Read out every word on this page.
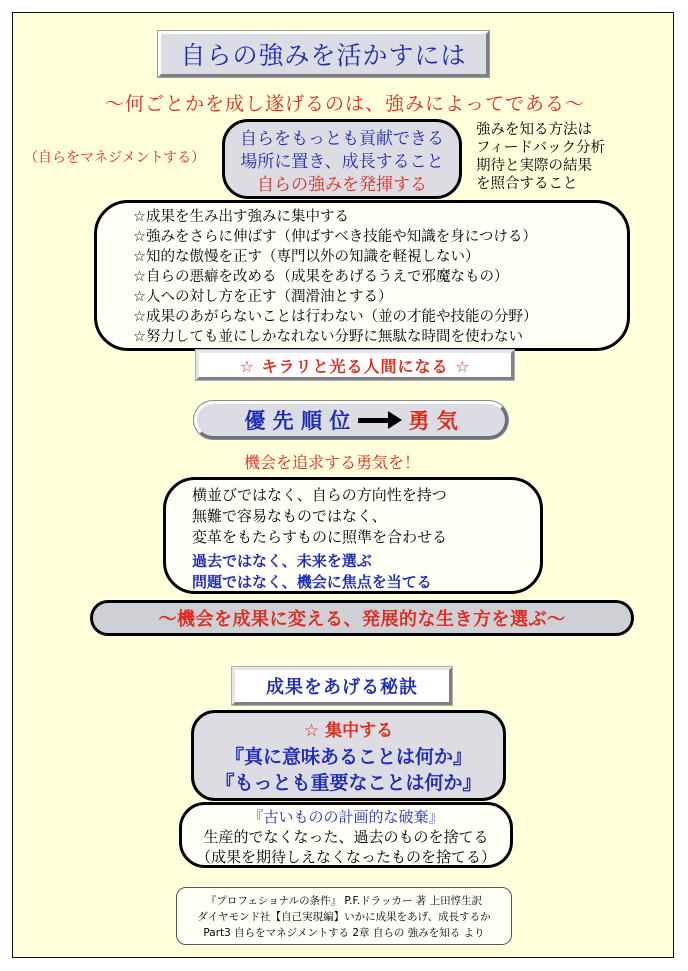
自らの強みを活かすには
～何ごとかを成し遂げるのは、強みによってである～
（自らをマネジメントする）
自らをもっとも貢献できる
場所に置き、成長すること
自らの強みを発揮する
強みを知る方法は
フィードバック分析
期待と実際の結果
を照合すること
☆成果を生み出す強みに集中する
☆強みをさらに伸ばす（伸ばすべき技能や知識を身につける）
☆知的な傲慢を正す（専門以外の知識を軽視しない）
☆自らの悪癖を改める（成果をあげるうえで邪魔なもの）
☆人への対し方を正す（潤滑油とする）
☆成果のあがらないことは行わない（並の才能や技能の分野）
☆努力しても並にしかなれない分野に無駄な時間を使わない
☆ キラリと光る人間になる ☆
優 先 順 位	勇 気
機会を追求する勇気を！
横並びではなく、自らの方向性を持つ
無難で容易なものではなく、
変革をもたらすものに照準を合わせる
過去ではなく、未来を選ぶ
問題ではなく、機会に焦点を当てる
～機会を成果に変える、発展的な生き方を選ぶ～
成果をあげる秘訣
☆ 集中する
『真に意味あることは何か』
『もっとも重要なことは何か』
『古いものの計画的な破棄』
生産的でなくなった、過去のものを捨てる
（成果を期待しえなくなったものを捨てる）
『プロフェショナルの条件』 P.F.ドラッカー 著 上田惇生訳
ダイヤモンド社【自己実現編】いかに成果をあげ、成長するか
Part3 自らをマネジメントする 2章 自らの 強みを知る より
